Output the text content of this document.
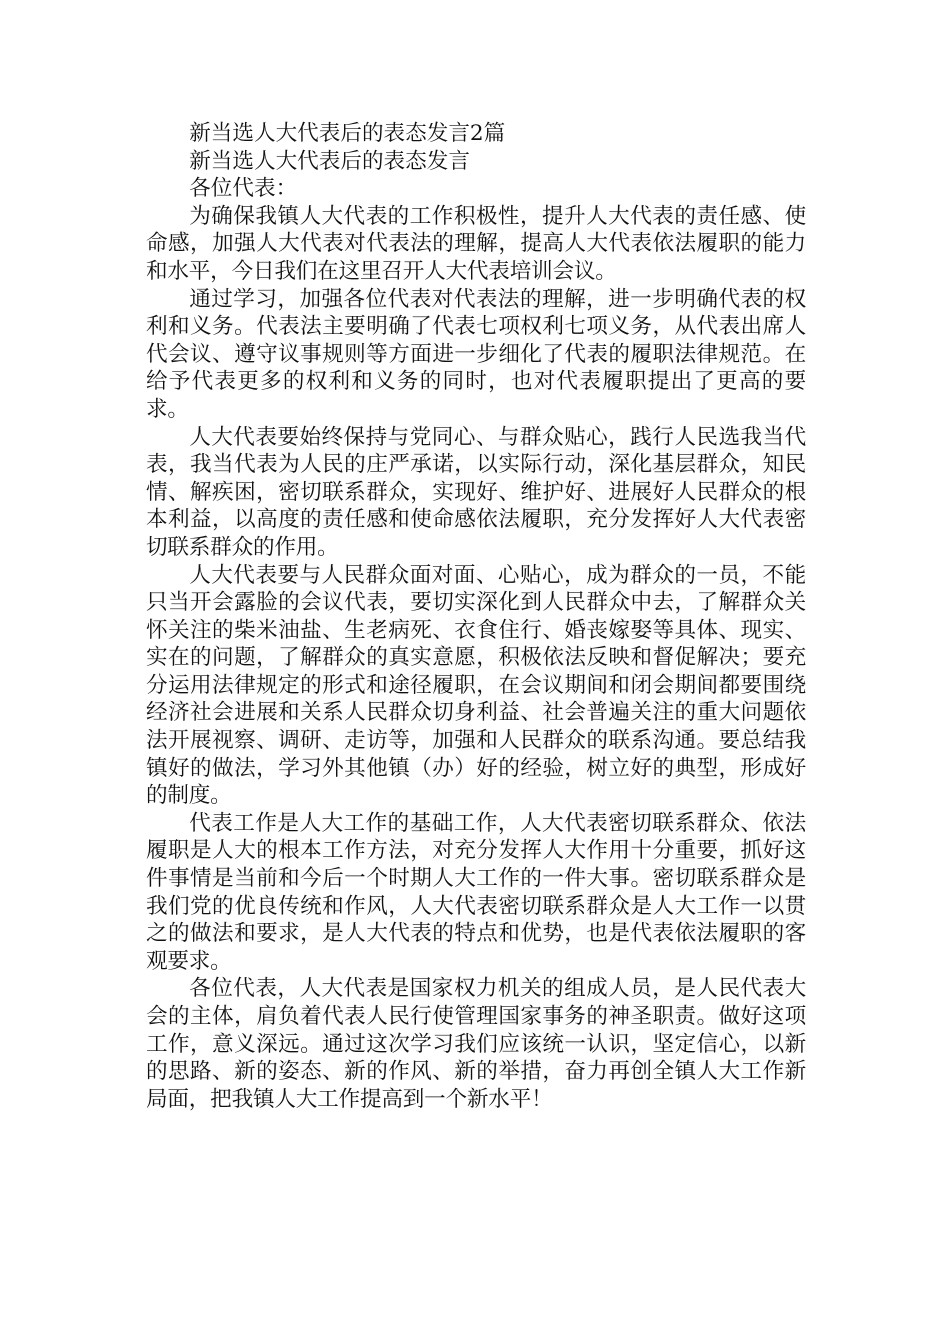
新当选人大代表后的表态发言2篇

新当选人大代表后的表态发言

各位代表：

为确保我镇人大代表的工作积极性，提升人大代表的责任感、使命感，加强人大代表对代表法的理解，提高人大代表依法履职的能力和水平，今日我们在这里召开人大代表培训会议。

通过学习，加强各位代表对代表法的理解，进一步明确代表的权利和义务。代表法主要明确了代表七项权利七项义务，从代表出席人代会议、遵守议事规则等方面进一步细化了代表的履职法律规范。在给予代表更多的权利和义务的同时，也对代表履职提出了更高的要求。

人大代表要始终保持与党同心、与群众贴心，践行人民选我当代表，我当代表为人民的庄严承诺，以实际行动，深化基层群众，知民情、解疾困，密切联系群众，实现好、维护好、进展好人民群众的根本利益，以高度的责任感和使命感依法履职，充分发挥好人大代表密切联系群众的作用。

人大代表要与人民群众面对面、心贴心，成为群众的一员，不能只当开会露脸的会议代表，要切实深化到人民群众中去，了解群众关怀关注的柴米油盐、生老病死、衣食住行、婚丧嫁娶等具体、现实、实在的问题，了解群众的真实意愿，积极依法反映和督促解决；要充分运用法律规定的形式和途径履职，在会议期间和闭会期间都要围绕经济社会进展和关系人民群众切身利益、社会普遍关注的重大问题依法开展视察、调研、走访等，加强和人民群众的联系沟通。要总结我镇好的做法，学习外其他镇（办）好的经验，树立好的典型，形成好的制度。

代表工作是人大工作的基础工作，人大代表密切联系群众、依法履职是人大的根本工作方法，对充分发挥人大作用十分重要，抓好这件事情是当前和今后一个时期人大工作的一件大事。密切联系群众是我们党的优良传统和作风，人大代表密切联系群众是人大工作一以贯之的做法和要求，是人大代表的特点和优势，也是代表依法履职的客观要求。

各位代表，人大代表是国家权力机关的组成人员，是人民代表大会的主体，肩负着代表人民行使管理国家事务的神圣职责。做好这项工作，意义深远。通过这次学习我们应该统一认识，坚定信心，以新的思路、新的姿态、新的作风、新的举措，奋力再创全镇人大工作新局面，把我镇人大工作提高到一个新水平！
